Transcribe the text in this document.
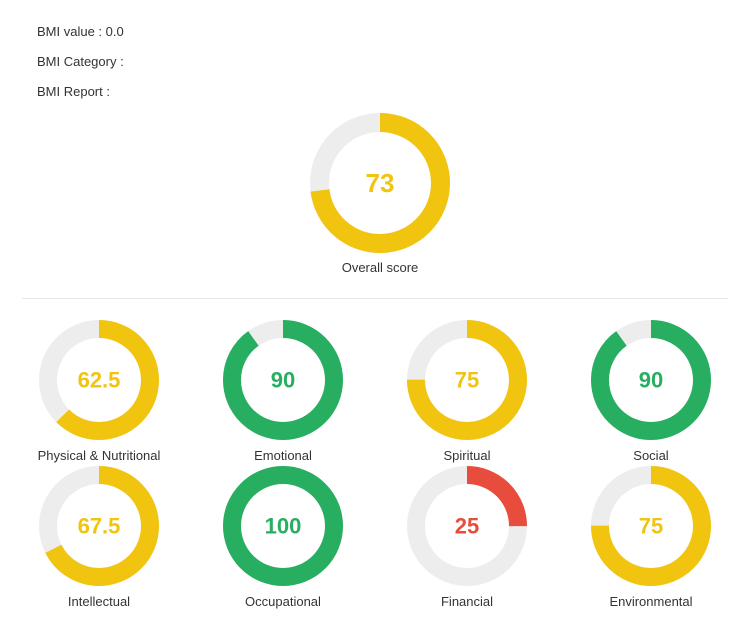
BMI value : 0.0
BMI Category :
BMI Report :
73
62.5	90	75	90
67.5	100	25	75
Overall score
Physical & Nutritional	Emotional	Spiritual	Social
Intellectual	Occupational	Financial	Environmental
